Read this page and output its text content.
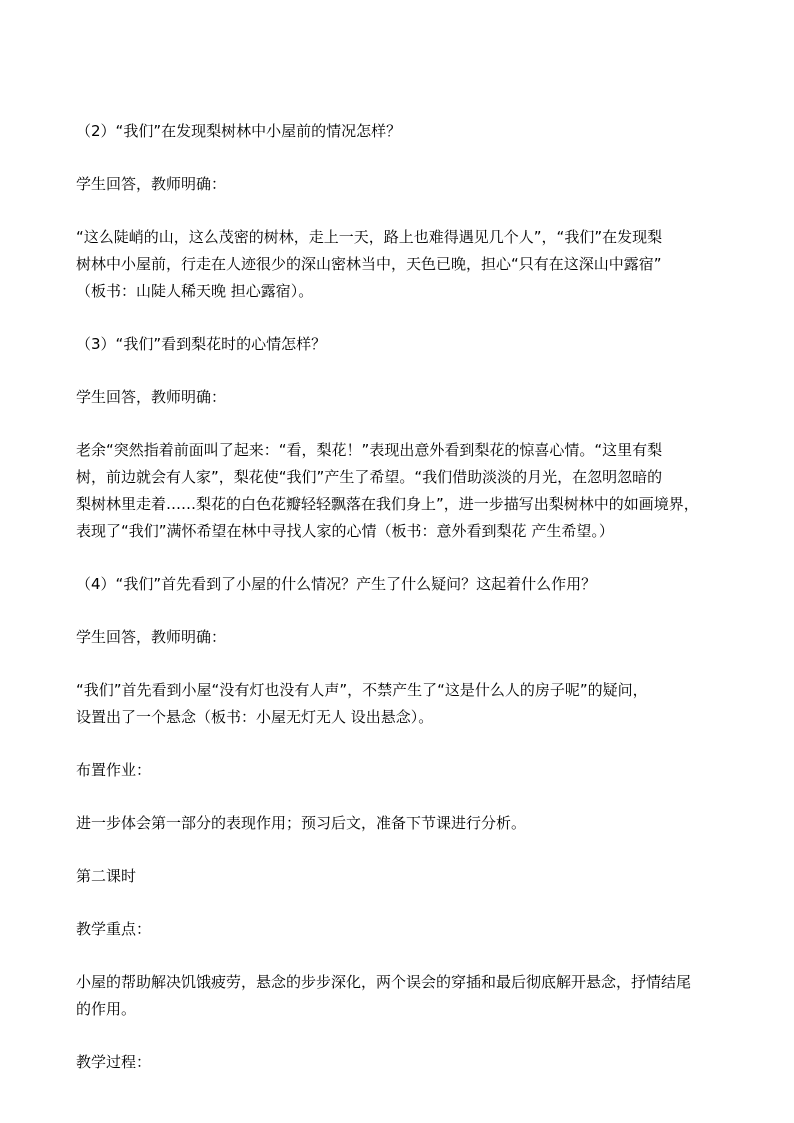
（2）“我们”在发现梨树林中小屋前的情况怎样？

学生回答，教师明确：

“这么陡峭的山，这么茂密的树林，走上一天，路上也难得遇见几个人”，“我们”在发现梨
树林中小屋前，行走在人迹很少的深山密林当中，天色已晚，担心“只有在这深山中露宿”
（板书：山陡人稀天晚 担心露宿）。

（3）“我们”看到梨花时的心情怎样？

学生回答，教师明确：

老余“突然指着前面叫了起来：“看，梨花！”表现出意外看到梨花的惊喜心情。“这里有梨
树，前边就会有人家”，梨花使“我们”产生了希望。“我们借助淡淡的月光，在忽明忽暗的
梨树林里走着……梨花的白色花瓣轻轻飘落在我们身上”，进一步描写出梨树林中的如画境界，
表现了“我们”满怀希望在林中寻找人家的心情（板书：意外看到梨花 产生希望。）

（4）“我们”首先看到了小屋的什么情况？产生了什么疑问？这起着什么作用？

学生回答，教师明确：

“我们”首先看到小屋“没有灯也没有人声”，不禁产生了“这是什么人的房子呢”的疑问，
设置出了一个悬念（板书：小屋无灯无人 设出悬念）。

布置作业：

进一步体会第一部分的表现作用；预习后文，准备下节课进行分析。

第二课时

教学重点：

小屋的帮助解决饥饿疲劳，悬念的步步深化，两个误会的穿插和最后彻底解开悬念，抒情结尾
的作用。

教学过程：
